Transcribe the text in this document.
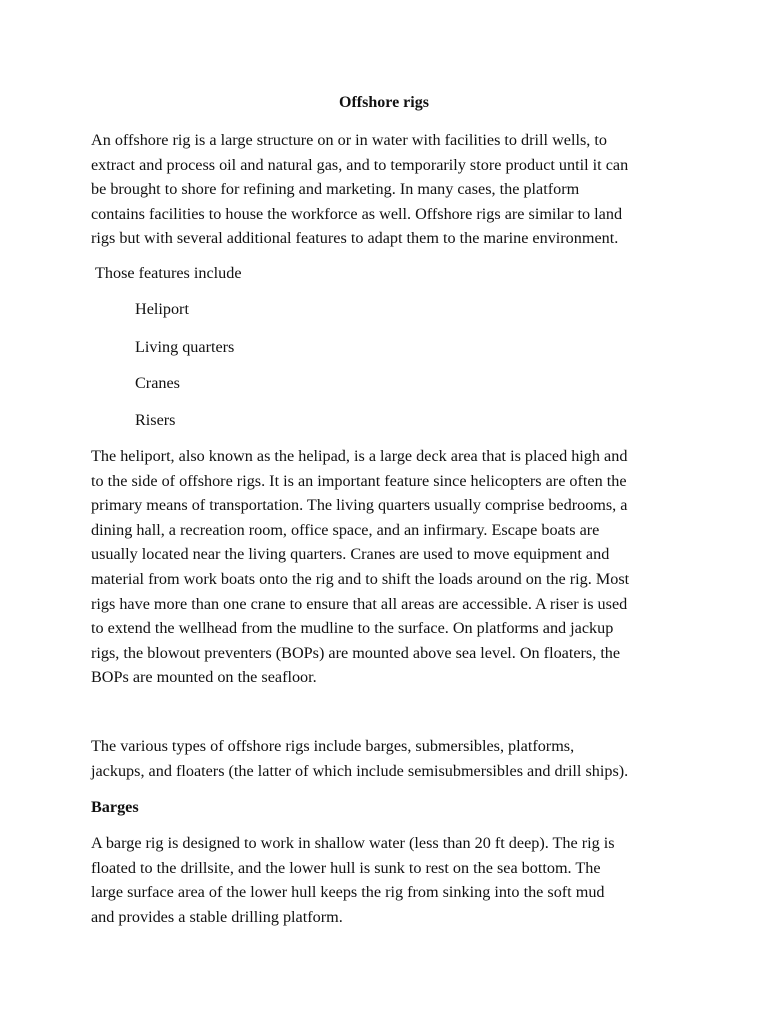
Offshore rigs

An offshore rig is a large structure on or in water with facilities to drill wells, to
extract and process oil and natural gas, and to temporarily store product until it can
be brought to shore for refining and marketing. In many cases, the platform
contains facilities to house the workforce as well. Offshore rigs are similar to land
rigs but with several additional features to adapt them to the marine environment.

Those features include

Heliport

Living quarters

Cranes

Risers

The heliport, also known as the helipad, is a large deck area that is placed high and
to the side of offshore rigs. It is an important feature since helicopters are often the
primary means of transportation. The living quarters usually comprise bedrooms, a
dining hall, a recreation room, office space, and an infirmary. Escape boats are
usually located near the living quarters. Cranes are used to move equipment and
material from work boats onto the rig and to shift the loads around on the rig. Most
rigs have more than one crane to ensure that all areas are accessible. A riser is used
to extend the wellhead from the mudline to the surface. On platforms and jackup
rigs, the blowout preventers (BOPs) are mounted above sea level. On floaters, the
BOPs are mounted on the seafloor.

The various types of offshore rigs include barges, submersibles, platforms,
jackups, and floaters (the latter of which include semisubmersibles and drill ships).

Barges

A barge rig is designed to work in shallow water (less than 20 ft deep). The rig is
floated to the drillsite, and the lower hull is sunk to rest on the sea bottom. The
large surface area of the lower hull keeps the rig from sinking into the soft mud
and provides a stable drilling platform.
